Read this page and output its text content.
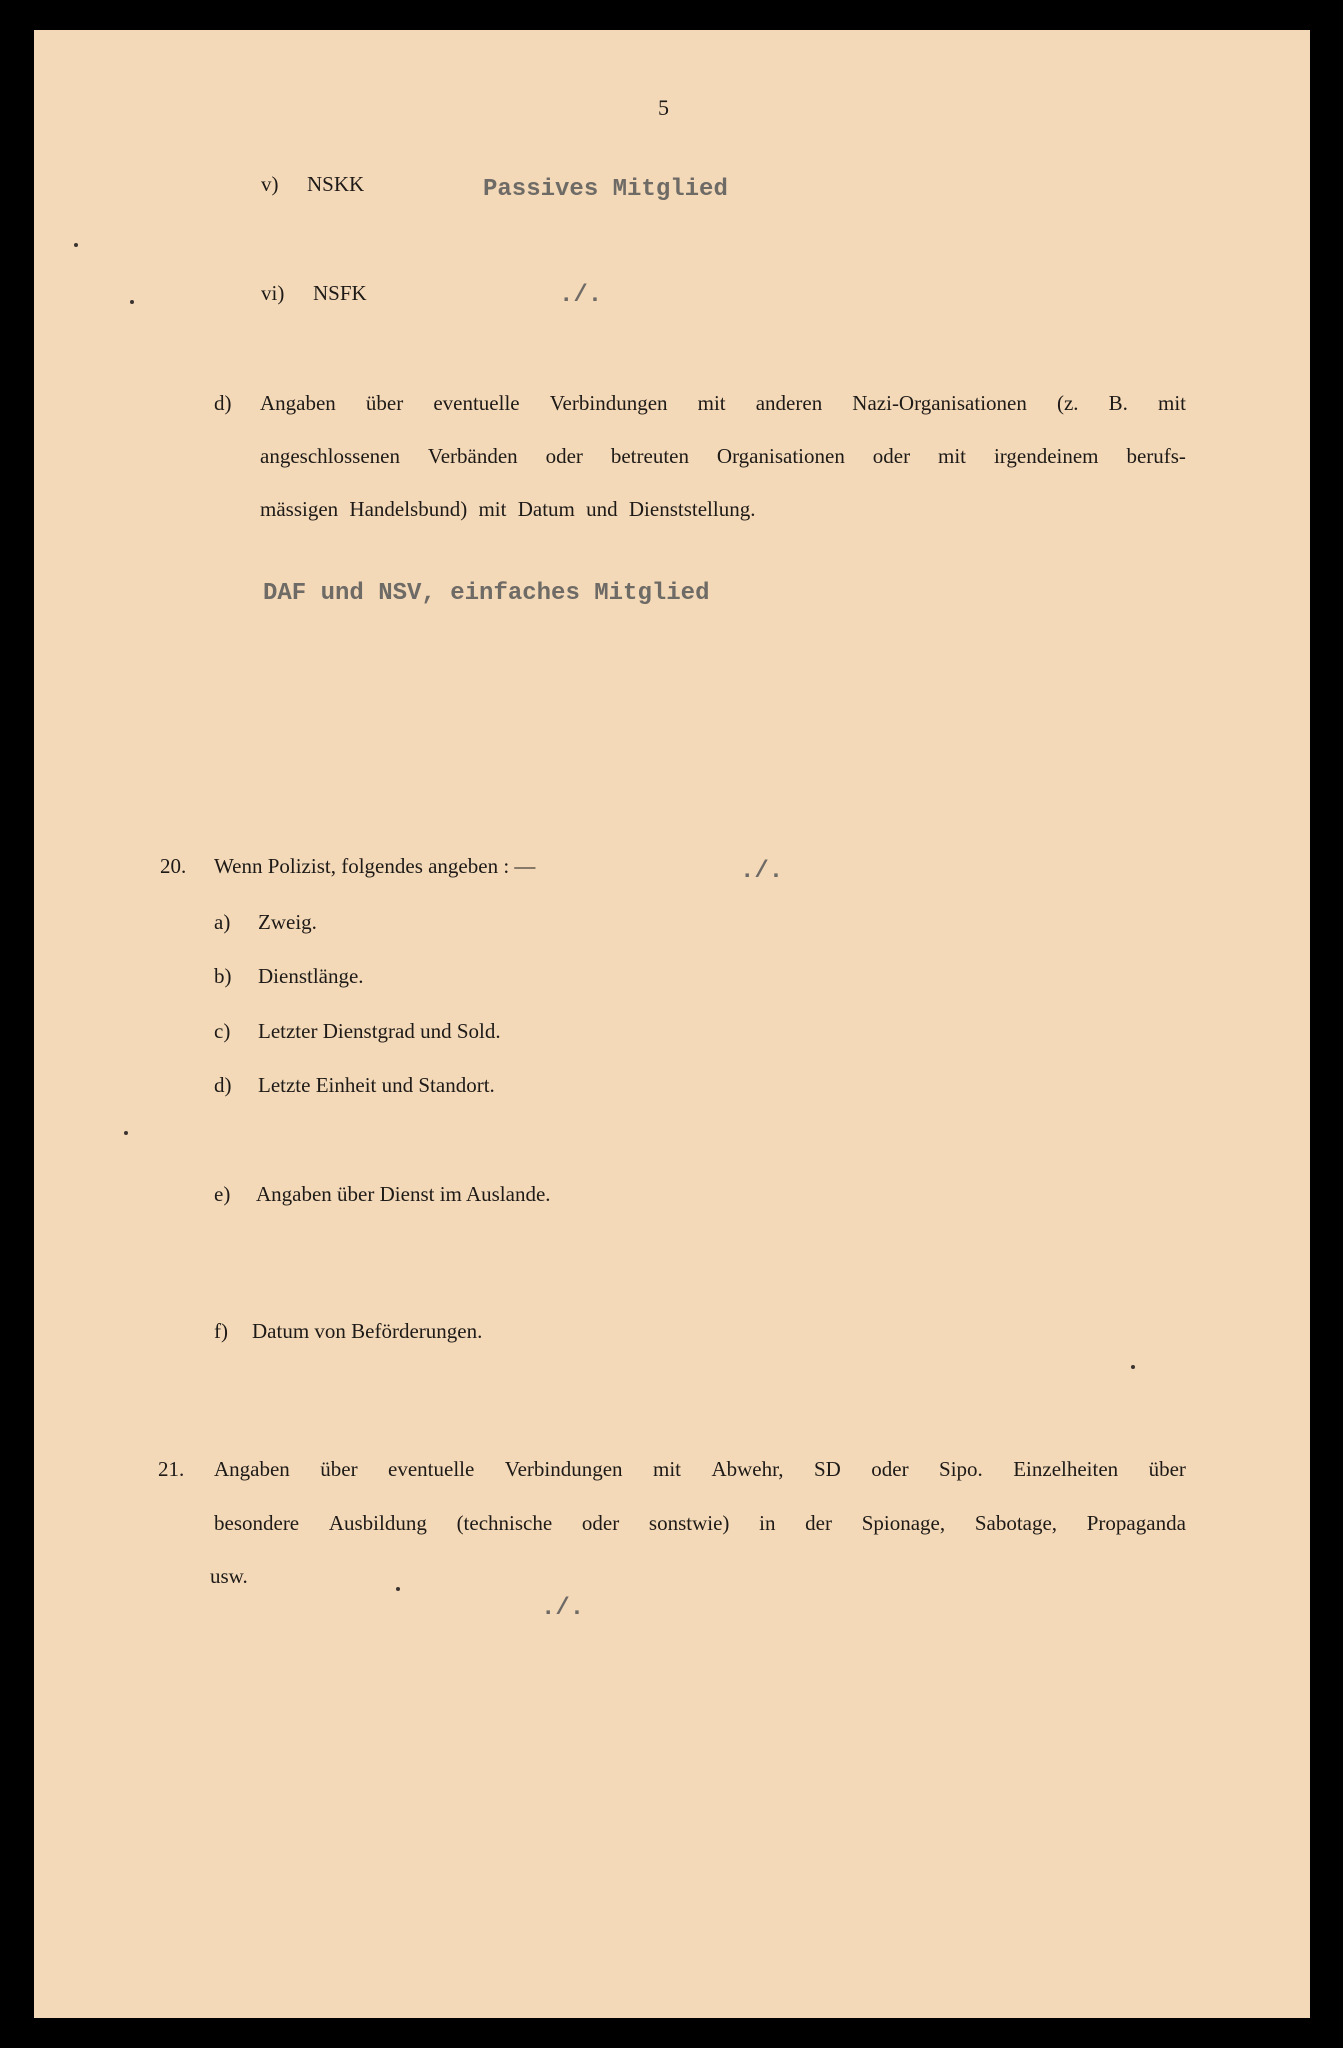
5
v) NSKK	Passives Mitglied
vi) NSFK	./.
d) Angaben über eventuelle Verbindungen mit anderen Nazi-Organisationen (z. B. mit
angeschlossenen Verbänden oder betreuten Organisationen oder mit irgendeinem berufs-
mässigen Handelsbund) mit Datum und Dienststellung.
DAF und NSV, einfaches Mitglied
20. Wenn Polizist, folgendes angeben : —	./.
a) Zweig.
b) Dienstlänge.
c) Letzter Dienstgrad und Sold.
d) Letzte Einheit und Standort.
e) Angaben über Dienst im Auslande.
f) Datum von Beförderungen.
21. Angaben über eventuelle Verbindungen mit Abwehr, SD oder Sipo. Einzelheiten über
besondere Ausbildung (technische oder sonstwie) in der Spionage, Sabotage, Propaganda
usw.
./.
